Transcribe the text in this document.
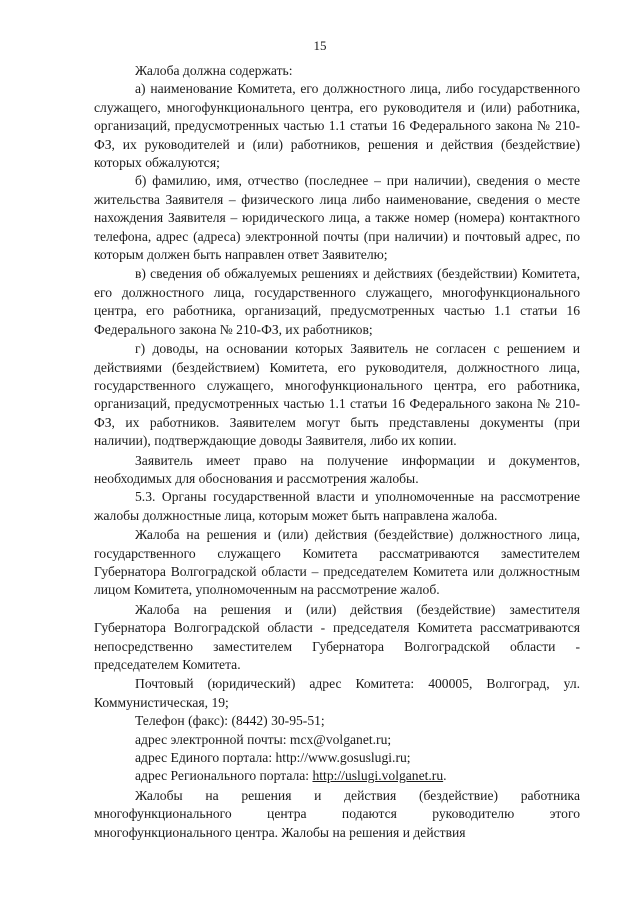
15

Жалоба должна содержать:

а) наименование Комитета, его должностного лица, либо государственного служащего, многофункционального центра, его руководителя и (или) работника, организаций, предусмотренных частью 1.1 статьи 16 Федерального закона № 210-ФЗ, их руководителей и (или) работников, решения и действия (бездействие) которых обжалуются;

б) фамилию, имя, отчество (последнее – при наличии), сведения о месте жительства Заявителя – физического лица либо наименование, сведения о месте нахождения Заявителя – юридического лица, а также номер (номера) контактного телефона, адрес (адреса) электронной почты (при наличии) и почтовый адрес, по которым должен быть направлен ответ Заявителю;

в) сведения об обжалуемых решениях и действиях (бездействии) Комитета, его должностного лица, государственного служащего, многофункционального центра, его работника, организаций, предусмотренных частью 1.1 статьи 16 Федерального закона № 210-ФЗ, их работников;

г) доводы, на основании которых Заявитель не согласен с решением и действиями (бездействием) Комитета, его руководителя, должностного лица, государственного служащего, многофункционального центра, его работника, организаций, предусмотренных частью 1.1 статьи 16 Федерального закона № 210-ФЗ, их работников. Заявителем могут быть представлены документы (при наличии), подтверждающие доводы Заявителя, либо их копии.

Заявитель имеет право на получение информации и документов, необходимых для обоснования и рассмотрения жалобы.

5.3. Органы государственной власти и уполномоченные на рассмотрение жалобы должностные лица, которым может быть направлена жалоба.

Жалоба на решения и (или) действия (бездействие) должностного лица, государственного служащего Комитета рассматриваются заместителем Губернатора Волгоградской области – председателем Комитета или должностным лицом Комитета, уполномоченным на рассмотрение жалоб.

Жалоба на решения и (или) действия (бездействие) заместителя Губернатора Волгоградской области - председателя Комитета рассматриваются непосредственно заместителем Губернатора Волгоградской области - председателем Комитета.

Почтовый (юридический) адрес Комитета: 400005, Волгоград, ул. Коммунистическая, 19;

Телефон (факс): (8442) 30-95-51;

адрес электронной почты: mcx@volganet.ru;

адрес Единого портала: http://www.gosuslugi.ru;

адрес Регионального портала: http://uslugi.volganet.ru.

Жалобы на решения и действия (бездействие) работника многофункционального центра подаются руководителю этого многофункционального центра. Жалобы на решения и действия
